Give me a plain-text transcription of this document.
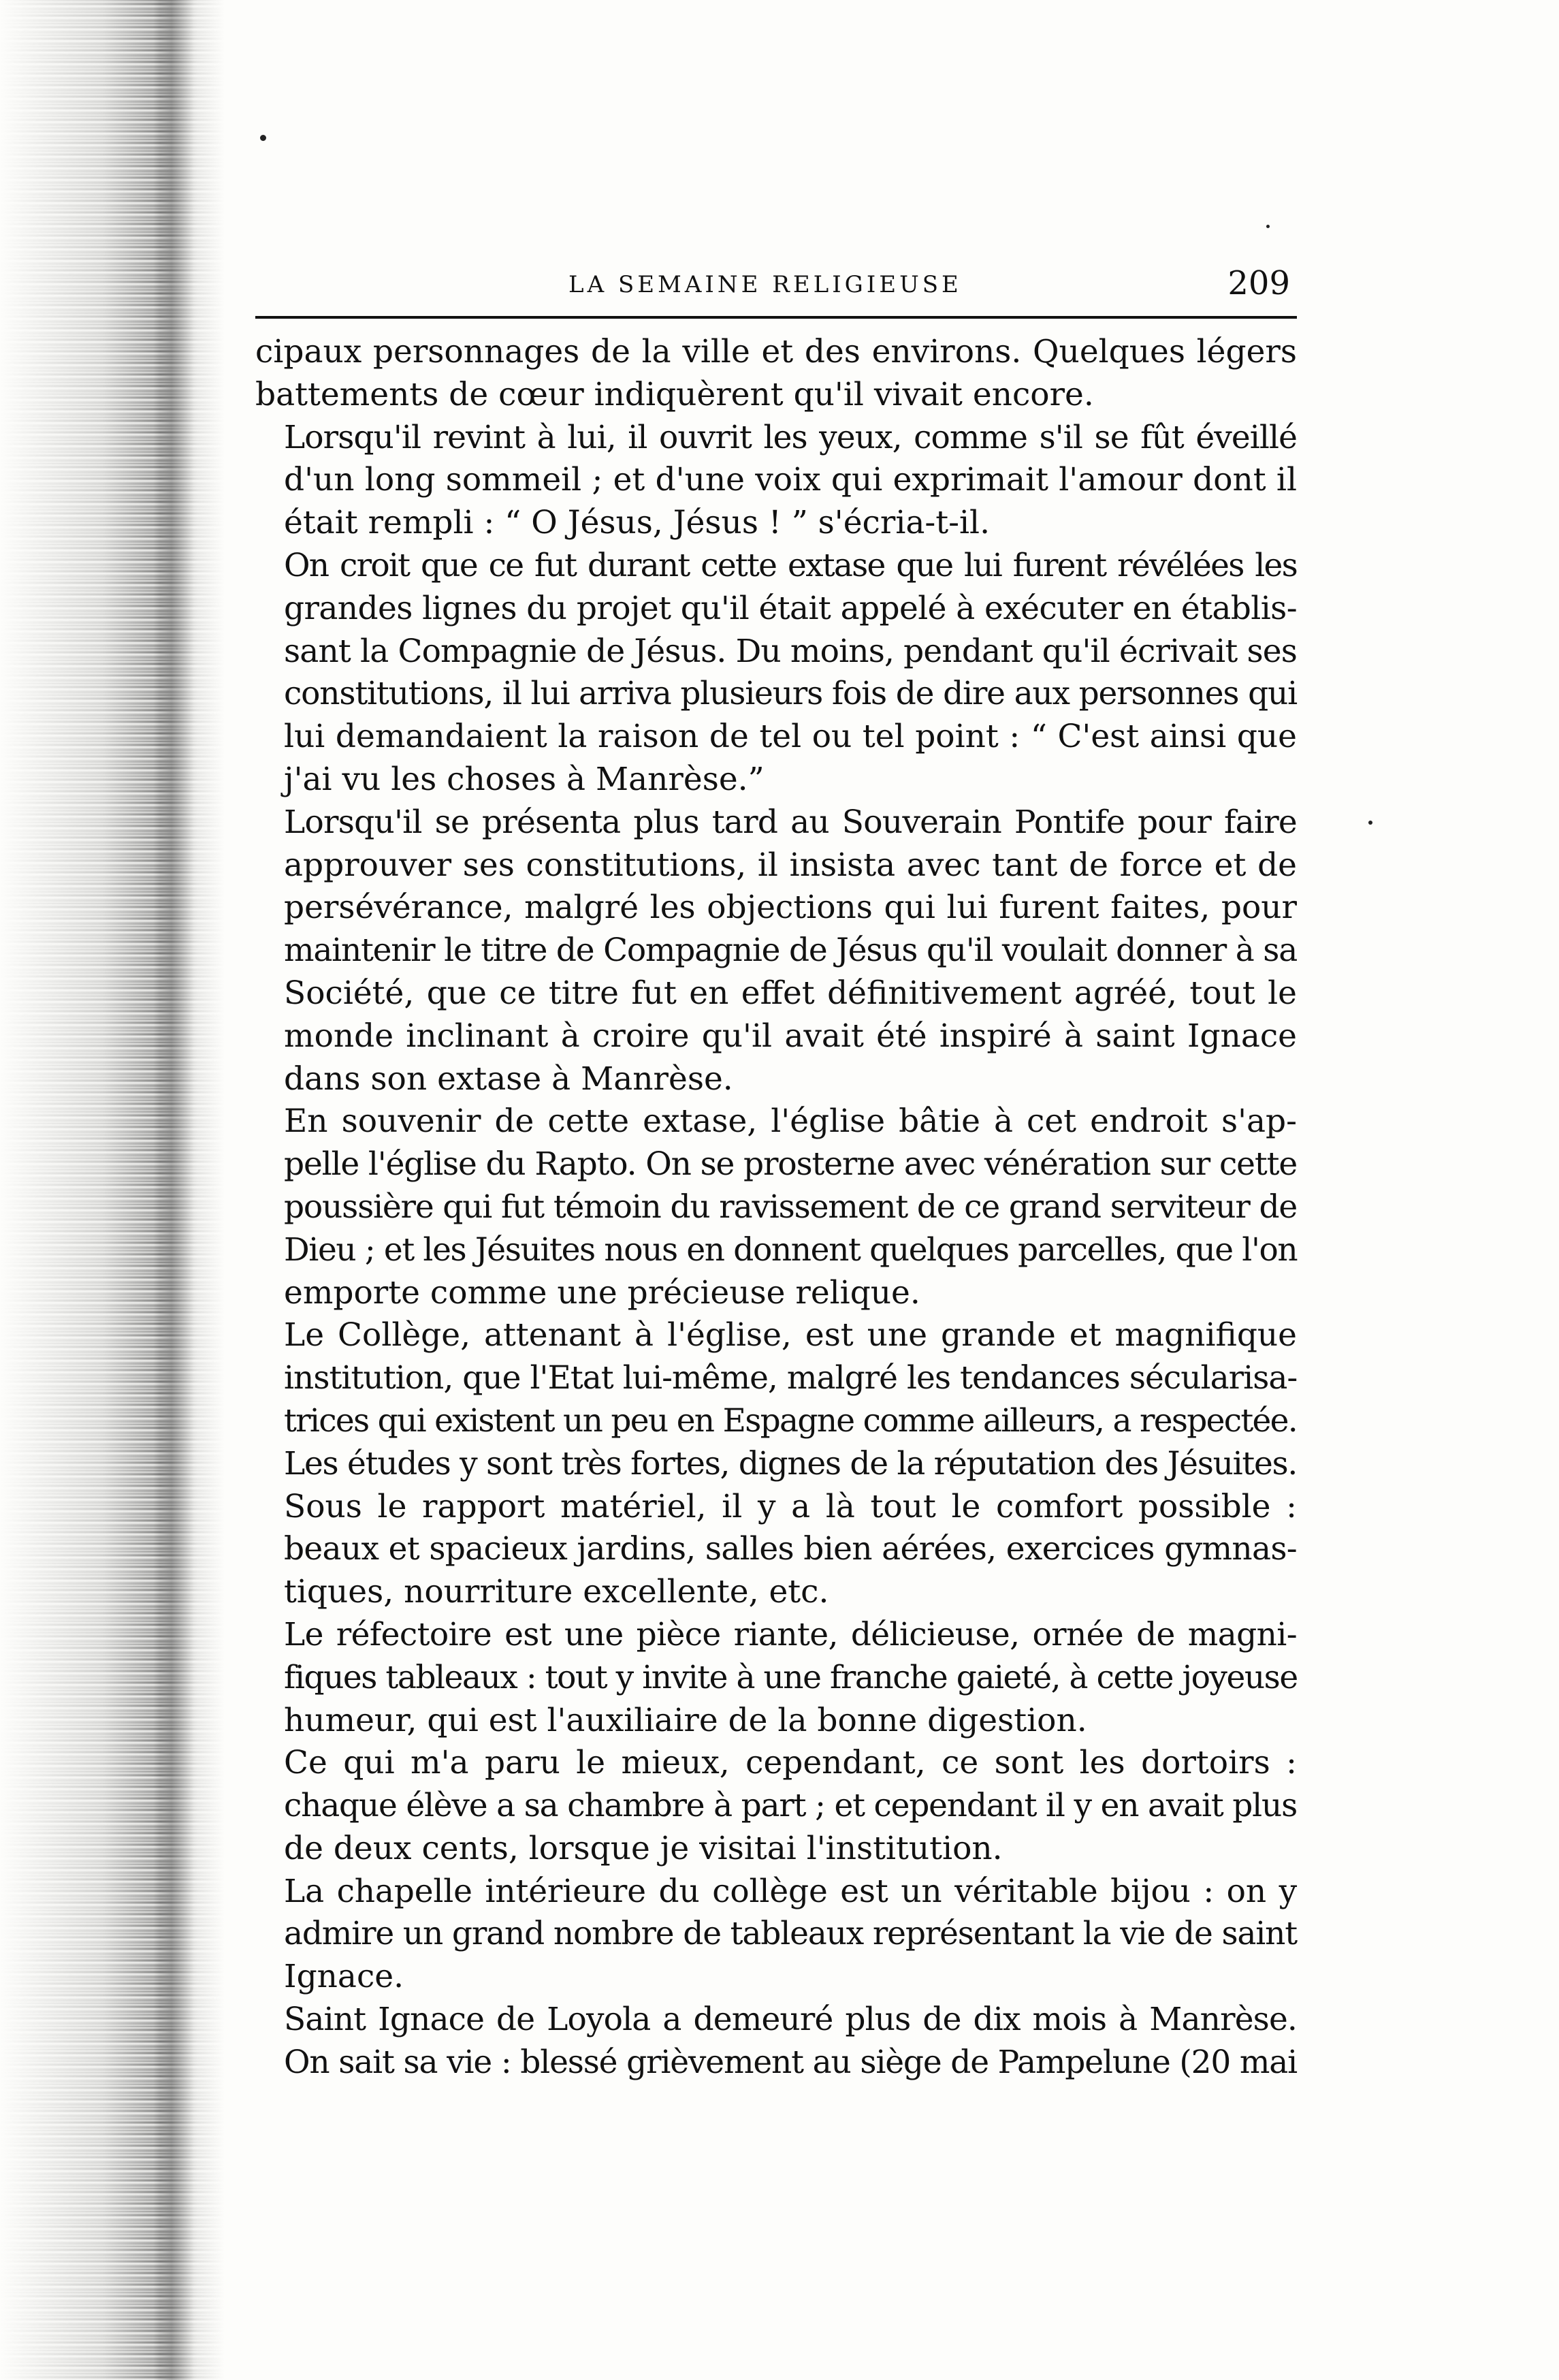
LA SEMAINE RELIGIEUSE	209

cipaux personnages de la ville et des environs. Quelques légers
battements de cœur indiquèrent qu'il vivait encore.

Lorsqu'il revint à lui, il ouvrit les yeux, comme s'il se fût éveillé
d'un long sommeil ; et d'une voix qui exprimait l'amour dont il
était rempli : “ O Jésus, Jésus ! ” s'écria-t-il.

On croit que ce fut durant cette extase que lui furent révélées les
grandes lignes du projet qu'il était appelé à exécuter en établis-
sant la Compagnie de Jésus. Du moins, pendant qu'il écrivait ses
constitutions, il lui arriva plusieurs fois de dire aux personnes qui
lui demandaient la raison de tel ou tel point : “ C'est ainsi que
j'ai vu les choses à Manrèse.”

Lorsqu'il se présenta plus tard au Souverain Pontife pour faire
approuver ses constitutions, il insista avec tant de force et de
persévérance, malgré les objections qui lui furent faites, pour
maintenir le titre de Compagnie de Jésus qu'il voulait donner à sa
Société, que ce titre fut en effet définitivement agréé, tout le
monde inclinant à croire qu'il avait été inspiré à saint Ignace
dans son extase à Manrèse.

En souvenir de cette extase, l'église bâtie à cet endroit s'ap-
pelle l'église du Rapto. On se prosterne avec vénération sur cette
poussière qui fut témoin du ravissement de ce grand serviteur de
Dieu ; et les Jésuites nous en donnent quelques parcelles, que l'on
emporte comme une précieuse relique.

Le Collège, attenant à l'église, est une grande et magnifique
institution, que l'Etat lui-même, malgré les tendances sécularisa-
trices qui existent un peu en Espagne comme ailleurs, a respectée.
Les études y sont très fortes, dignes de la réputation des Jésuites.

Sous le rapport matériel, il y a là tout le comfort possible :
beaux et spacieux jardins, salles bien aérées, exercices gymnas-
tiques, nourriture excellente, etc.

Le réfectoire est une pièce riante, délicieuse, ornée de magni-
fiques tableaux : tout y invite à une franche gaieté, à cette joyeuse
humeur, qui est l'auxiliaire de la bonne digestion.

Ce qui m'a paru le mieux, cependant, ce sont les dortoirs :
chaque élève a sa chambre à part ; et cependant il y en avait plus
de deux cents, lorsque je visitai l'institution.

La chapelle intérieure du collège est un véritable bijou : on y
admire un grand nombre de tableaux représentant la vie de saint
Ignace.

Saint Ignace de Loyola a demeuré plus de dix mois à Manrèse.
On sait sa vie : blessé grièvement au siège de Pampelune (20 mai
